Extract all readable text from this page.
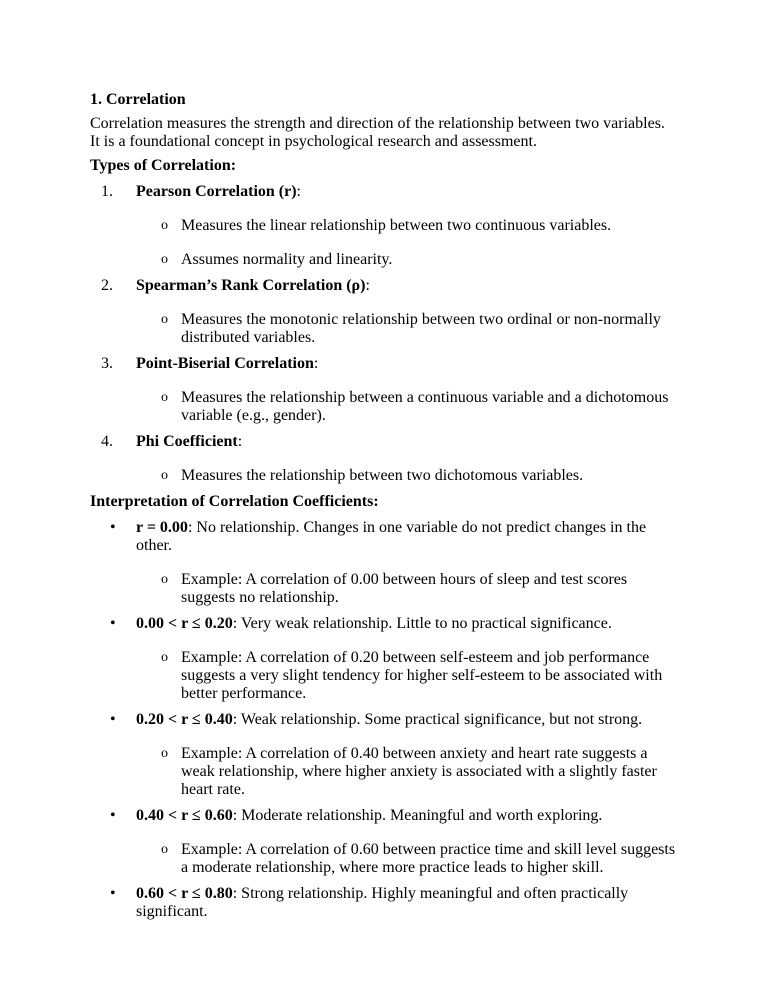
1. Correlation
Correlation measures the strength and direction of the relationship between two variables. It is a foundational concept in psychological research and assessment.
Types of Correlation:
1. Pearson Correlation (r):
o Measures the linear relationship between two continuous variables.
o Assumes normality and linearity.
2. Spearman’s Rank Correlation (ρ):
o Measures the monotonic relationship between two ordinal or non-normally distributed variables.
3. Point-Biserial Correlation:
o Measures the relationship between a continuous variable and a dichotomous variable (e.g., gender).
4. Phi Coefficient:
o Measures the relationship between two dichotomous variables.
Interpretation of Correlation Coefficients:
• r = 0.00: No relationship. Changes in one variable do not predict changes in the other.
o Example: A correlation of 0.00 between hours of sleep and test scores suggests no relationship.
• 0.00 < r ≤ 0.20: Very weak relationship. Little to no practical significance.
o Example: A correlation of 0.20 between self-esteem and job performance suggests a very slight tendency for higher self-esteem to be associated with better performance.
• 0.20 < r ≤ 0.40: Weak relationship. Some practical significance, but not strong.
o Example: A correlation of 0.40 between anxiety and heart rate suggests a weak relationship, where higher anxiety is associated with a slightly faster heart rate.
• 0.40 < r ≤ 0.60: Moderate relationship. Meaningful and worth exploring.
o Example: A correlation of 0.60 between practice time and skill level suggests a moderate relationship, where more practice leads to higher skill.
• 0.60 < r ≤ 0.80: Strong relationship. Highly meaningful and often practically significant.
